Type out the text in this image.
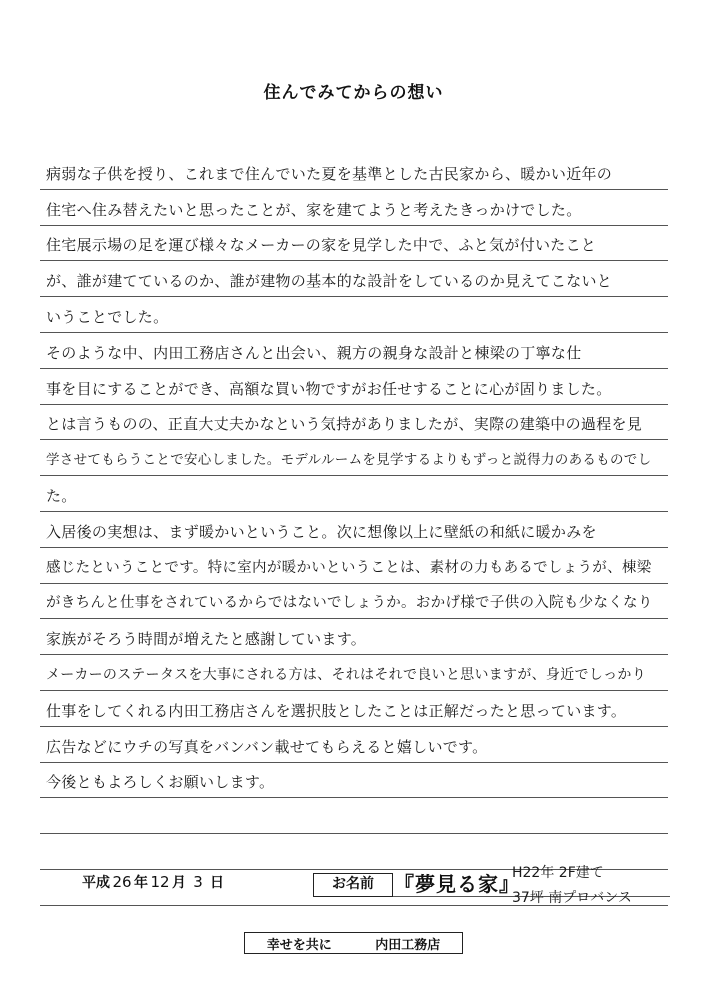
住んでみてからの想い
病弱な子供を授り、これまで住んでいた夏を基準とした古民家から、暖かい近年の
住宅へ住み替えたいと思ったことが、家を建てようと考えたきっかけでした。
住宅展示場の足を運び様々なメーカーの家を見学した中で、ふと気が付いたこと
が、誰が建てているのか、誰が建物の基本的な設計をしているのか見えてこないと
いうことでした。
そのような中、内田工務店さんと出会い、親方の親身な設計と棟梁の丁寧な仕
事を目にすることができ、高額な買い物ですがお任せすることに心が固りました。
とは言うものの、正直大丈夫かなという気持がありましたが、実際の建築中の過程を見
学させてもらうことで安心しました。モデルルームを見学するよりもずっと説得力のあるものでし
た。
入居後の実想は、まず暖かいということ。次に想像以上に壁紙の和紙に暖かみを
感じたということです。特に室内が暖かいということは、素材の力もあるでしょうが、棟梁
がきちんと仕事をされているからではないでしょうか。おかげ様で子供の入院も少なくなり
家族がそろう時間が増えたと感謝しています。
メーカーのステータスを大事にされる方は、それはそれで良いと思いますが、身近でしっかり
仕事をしてくれる内田工務店さんを選択肢としたことは正解だったと思っています。
広告などにウチの写真をバンバン載せてもらえると嬉しいです。
今後ともよろしくお願いします。
平成 26 年 12 月 3 日	お名前	『夢見る家』
H22年 2F建て
37坪 南プロバンス
幸せを共に	内田工務店
